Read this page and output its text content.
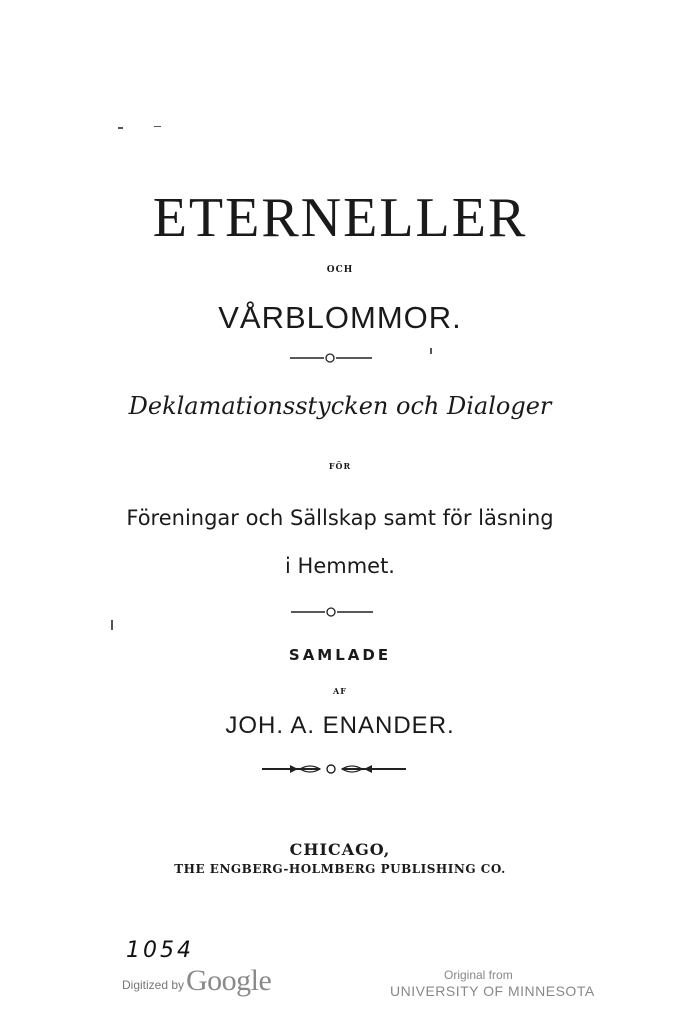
ETERNELLER
OCH
VÅRBLOMMOR.
Deklamationsstycken och Dialoger
FÖR
Föreningar och Sällskap samt för läsning
i Hemmet.
SAMLADE
AF
JOH. A. ENANDER.
CHICAGO,
THE ENGBERG-HOLMBERG PUBLISHING CO.
1054
Digitized by Google	Original from
UNIVERSITY OF MINNESOTA
